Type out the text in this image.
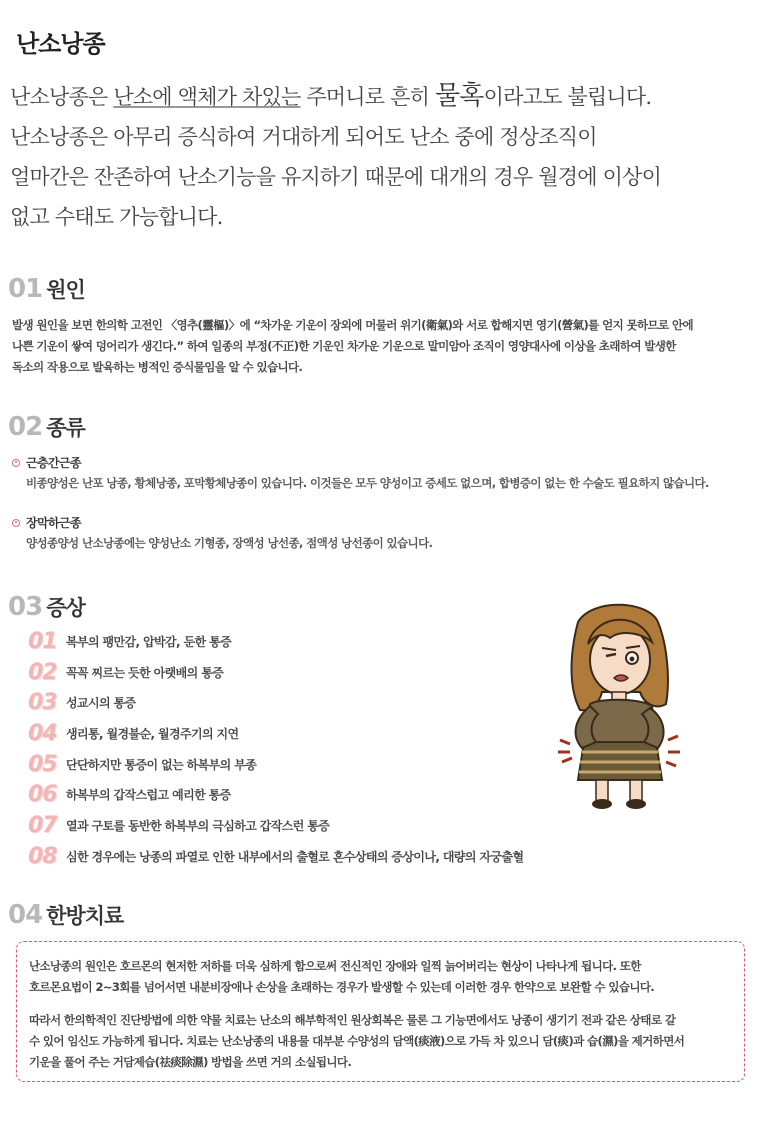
난소낭종
난소낭종은 난소에 액체가 차있는 주머니로 흔히 물혹이라고도 불립니다.
난소낭종은 아무리 증식하여 거대하게 되어도 난소 중에 정상조직이
얼마간은 잔존하여 난소기능을 유지하기 때문에 대개의 경우 월경에 이상이
없고 수태도 가능합니다.
01 원인
발생 원인을 보면 한의학 고전인 〈영추(靈樞)〉에 “차가운 기운이 장외에 머물러 위기(衛氣)와 서로 합해지면 영기(營氣)를 얻지 못하므로 안에
나쁜 기운이 쌓여 덩어리가 생긴다.” 하여 일종의 부정(不正)한 기운인 차가운 기운으로 말미암아 조직이 영양대사에 이상을 초래하여 발생한
독소의 작용으로 발육하는 병적인 증식물임을 알 수 있습니다.
02 종류
근층간근종
비종양성은 난포 낭종, 황체낭종, 포막황체낭종이 있습니다. 이것들은 모두 양성이고 증세도 없으며, 합병증이 없는 한 수술도 필요하지 않습니다.
장막하근종
양성종양성 난소낭종에는 양성난소 기형종, 장액성 낭선종, 점액성 낭선종이 있습니다.
03 증상
01 복부의 팽만감, 압박감, 둔한 통증
02 꼭꼭 찌르는 듯한 아랫배의 통증
03 성교시의 통증
04 생리통, 월경불순, 월경주기의 지연
05 단단하지만 통증이 없는 하복부의 부종
06 하복부의 갑작스럽고 예리한 통증
07 열과 구토를 동반한 하복부의 극심하고 갑작스런 통증
08 심한 경우에는 낭종의 파열로 인한 내부에서의 출혈로 혼수상태의 증상이나, 대량의 자궁출혈
04 한방치료

난소낭종의 원인은 호르몬의 현저한 저하를 더욱 심하게 함으로써 전신적인 장애와 일찍 늙어버리는 현상이 나타나게 됩니다. 또한
호르몬요법이 2~3회를 넘어서면 내분비장애나 손상을 초래하는 경우가 발생할 수 있는데 이러한 경우 한약으로 보완할 수 있습니다.

따라서 한의학적인 진단방법에 의한 약물 치료는 난소의 해부학적인 원상회복은 물론 그 기능면에서도 낭종이 생기기 전과 같은 상태로 갈
수 있어 임신도 가능하게 됩니다. 치료는 난소낭종의 내용물 대부분 수양성의 담액(痰液)으로 가득 차 있으니 담(痰)과 습(濕)을 제거하면서
기운을 풀어 주는 거담제습(祛痰除濕) 방법을 쓰면 거의 소실됩니다.
